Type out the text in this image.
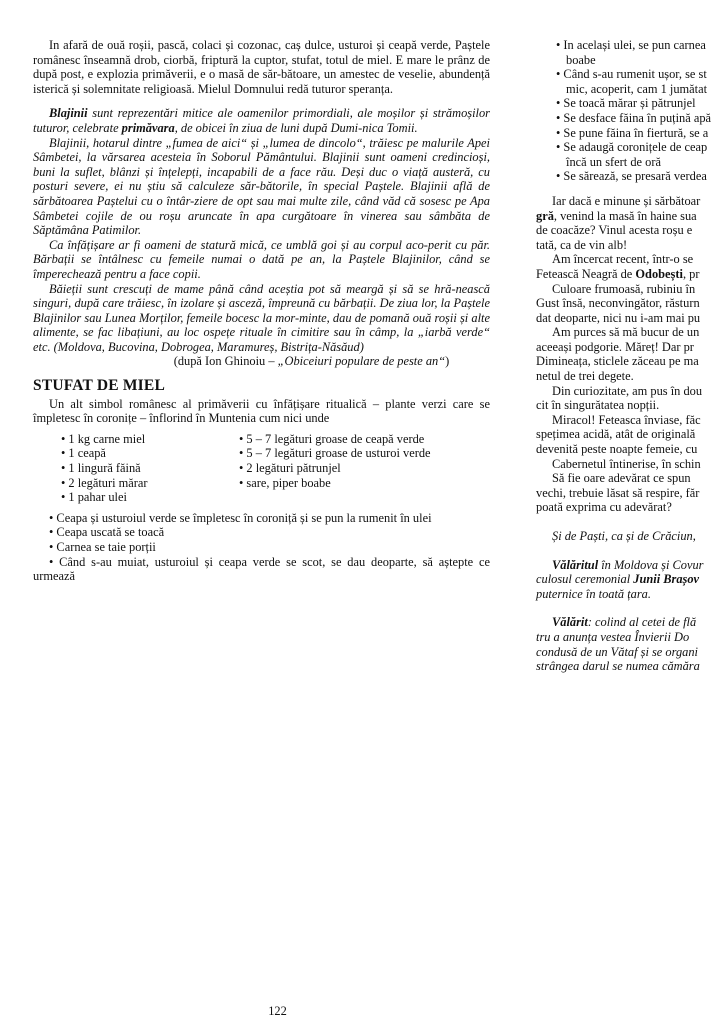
In afară de ouă roșii, pască, colaci și cozonac, caș dulce, usturoi și ceapă verde, Paștele românesc înseamnă drob, ciorbă, friptură la cuptor, stufat, totul de miel. E mare le prânz de după post, e explozia primăverii, e o masă de săr-bătoare, un amestec de veselie, abundență isterică și solemnitate religioasă. Mielul Domnului redă tuturor speranța.

Blajinii sunt reprezentări mitice ale oamenilor primordiali, ale moșilor și strămoșilor tuturor, celebrate primăvara, de obicei în ziua de luni după Dumi-nica Tomii.

Blajinii, hotarul dintre „fumea de aici“ și „lumea de dincolo“, trăiesc pe malurile Apei Sâmbetei, la vărsarea acesteia în Soborul Pământului. Blajinii sunt oameni credincioși, buni la suflet, blânzi și înțelepți, incapabili de a face rău. Deși duc o viață austeră, cu posturi severe, ei nu știu să calculeze săr-bătorile, în special Paștele. Blajinii află de sărbătoarea Paștelui cu o întâr-ziere de opt sau mai multe zile, când văd că sosesc pe Apa Sâmbetei cojile de ou roșu aruncate în apa curgătoare în vinerea sau sâmbăta de Săptămâna Patimilor.

Ca înfățișare ar fi oameni de statură mică, ce umblă goi și au corpul aco-perit cu păr. Bărbații se întâlnesc cu femeile numai o dată pe an, la Paștele Blajinilor, când se împerechează pentru a face copii.

Băieții sunt crescuți de mame până când aceștia pot să meargă și să se hră-nească singuri, după care trăiesc, în izolare și asceză, împreună cu bărbații. De ziua lor, la Paștele Blajinilor sau Lunea Morților, femeile bocesc la mor-minte, dau de pomană ouă roșii și alte alimente, se fac libațiuni, au loc ospețe rituale în cimitire sau în câmp, la „iarbă verde“ etc. (Moldova, Bucovina, Dobrogea, Maramureș, Bistrița-Năsăud)

(după Ion Ghinoiu – „Obiceiuri populare de peste an“)

STUFAT DE MIEL

Un alt simbol românesc al primăverii cu înfățișare ritualică – plante verzi care se împletesc în coronițe – înflorind în Muntenia cum nici unde

• 1 kg carne miel
• 1 ceapă
• 1 lingură făină
• 2 legături mărar
• 1 pahar ulei
• 5 – 7 legături groase de ceapă verde
• 5 – 7 legături groase de usturoi verde
• 2 legături pătrunjel
• sare, piper boabe

• Ceapa și usturoiul verde se împletesc în coroniță și se pun la rumenit în ulei

• Ceapa uscată se toacă

• Carnea se taie porții

• Când s-au muiat, usturoiul și ceapa verde se scot, se dau deoparte, să aștepte ce urmează

122

• In același ulei, se pun carnea

boabe

• Când s-au rumenit ușor, se st

mic, acoperit, cam 1 jumătat

• Se toacă mărar și pătrunjel

• Se desface făina în puțină apă

• Se pune făina în fiertură, se a

• Se adaugă coronițele de ceap

încă un sfert de oră

• Se sărează, se presară verdea

Iar dacă e minune și sărbătoar

gră, venind la masă în haine sua

de coacăze? Vinul acesta roșu e

tată, ca de vin alb!

Am încercat recent, într-o se

Fetească Neagră de Odobești, pr

Culoare frumoasă, rubiniu în

Gust însă, neconvingător, răsturn

dat deoparte, nici nu i-am mai pu

Am purces să mă bucur de un

aceeași podgorie. Măreț! Dar pr

Dimineața, sticlele zăceau pe ma

netul de trei degete.

Din curiozitate, am pus în dou

cit în singurătatea nopții.

Miracol! Feteasca înviase, făc

spețimea acidă, atât de originală

devenită peste noapte femeie, cu

Cabernetul întinerise, în schin

Să fie oare adevărat ce spun

vechi, trebuie lăsat să respire, făr

poată exprima cu adevărat?

Și de Paști, ca și de Crăciun,

Vălăritul în Moldova și Covur

culosul ceremonial Junii Brașov

puternice în toată țara.

Vălărit: colind al cetei de flă

tru a anunța vestea Învierii Do

condusă de un Vătaf și se organi

strângea darul se numea cămăra
